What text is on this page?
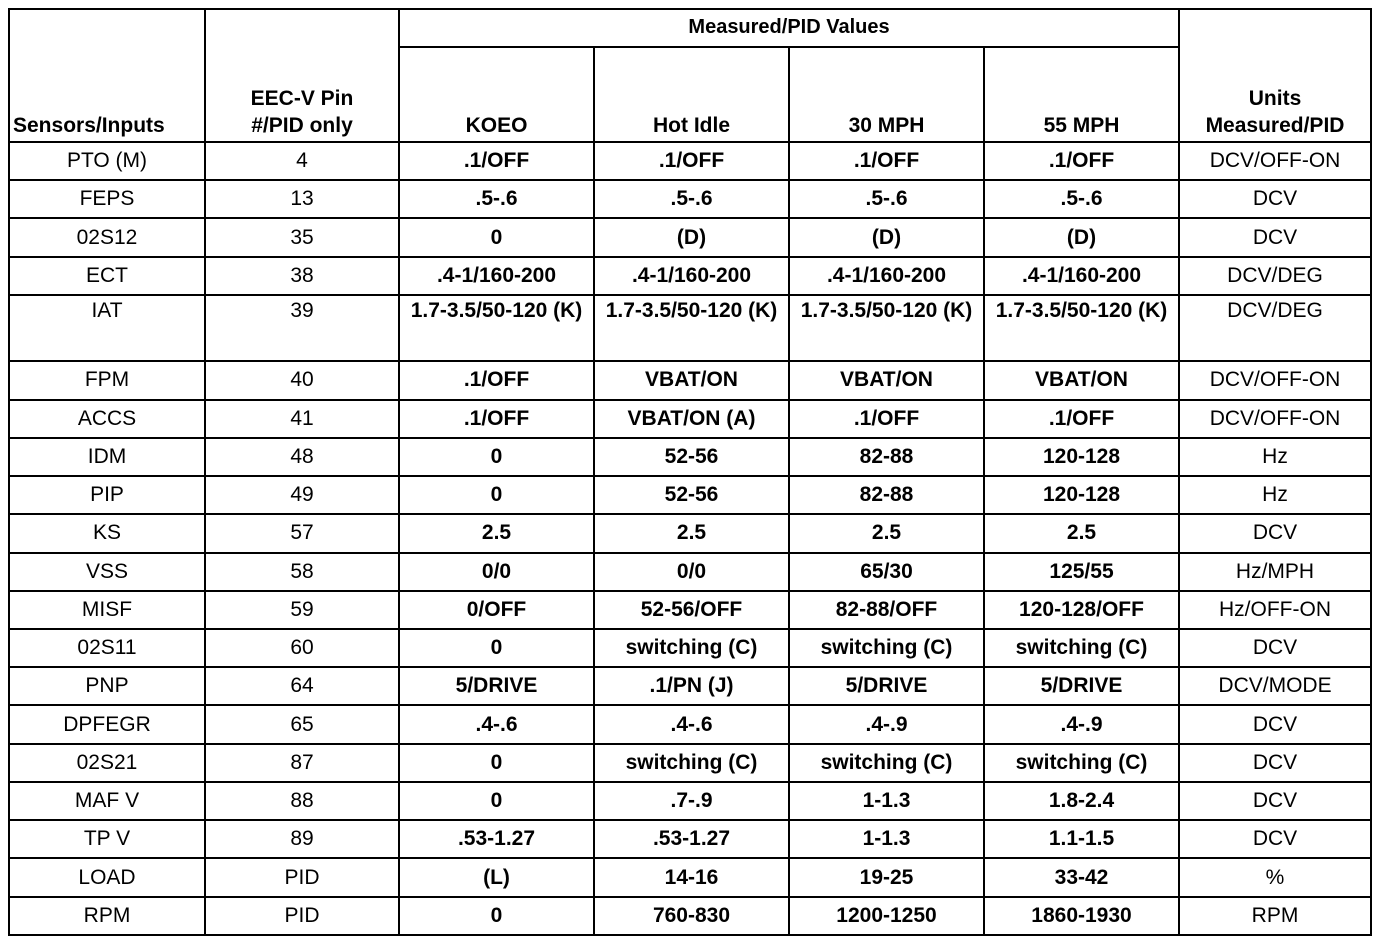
Sensors/Inputs	EEC-V Pin #/PID only	Measured/PID Values				Units Measured/PID
		KOEO	Hot Idle	30 MPH	55 MPH	
PTO (M)	4	.1/OFF	.1/OFF	.1/OFF	.1/OFF	DCV/OFF-ON
FEPS	13	.5-.6	.5-.6	.5-.6	.5-.6	DCV
02S12	35	0	(D)	(D)	(D)	DCV
ECT	38	.4-1/160-200	.4-1/160-200	.4-1/160-200	.4-1/160-200	DCV/DEG
IAT	39	1.7-3.5/50-120 (K)	1.7-3.5/50-120 (K)	1.7-3.5/50-120 (K)	1.7-3.5/50-120 (K)	DCV/DEG
FPM	40	.1/OFF	VBAT/ON	VBAT/ON	VBAT/ON	DCV/OFF-ON
ACCS	41	.1/OFF	VBAT/ON (A)	.1/OFF	.1/OFF	DCV/OFF-ON
IDM	48	0	52-56	82-88	120-128	Hz
PIP	49	0	52-56	82-88	120-128	Hz
KS	57	2.5	2.5	2.5	2.5	DCV
VSS	58	0/0	0/0	65/30	125/55	Hz/MPH
MISF	59	0/OFF	52-56/OFF	82-88/OFF	120-128/OFF	Hz/OFF-ON
02S11	60	0	switching (C)	switching (C)	switching (C)	DCV
PNP	64	5/DRIVE	.1/PN (J)	5/DRIVE	5/DRIVE	DCV/MODE
DPFEGR	65	.4-.6	.4-.6	.4-.9	.4-.9	DCV
02S21	87	0	switching (C)	switching (C)	switching (C)	DCV
MAF V	88	0	.7-.9	1-1.3	1.8-2.4	DCV
TP V	89	.53-1.27	.53-1.27	1-1.3	1.1-1.5	DCV
LOAD	PID	(L)	14-16	19-25	33-42	%
RPM	PID	0	760-830	1200-1250	1860-1930	RPM
